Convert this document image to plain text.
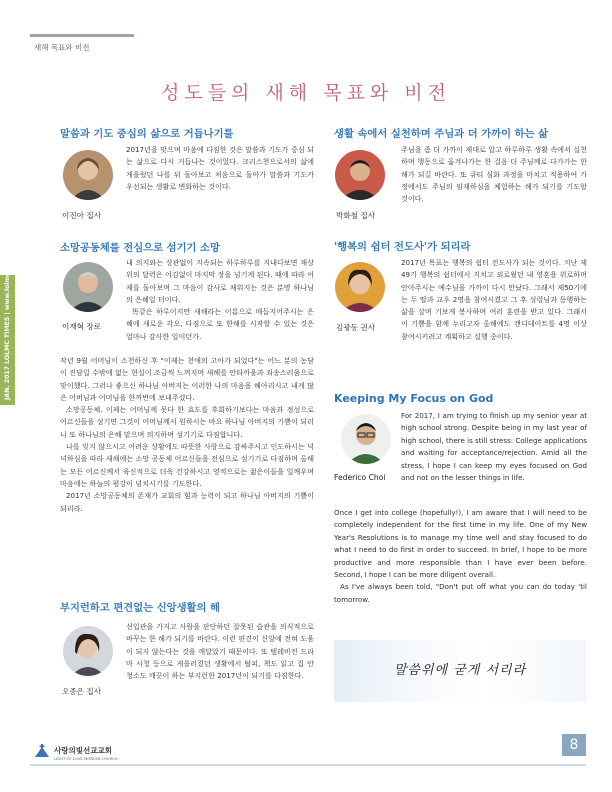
새해 목표와 비전
성도들의 새해 목표와 비전
JAN. 2017 LOLMC TIMES | www.lolmc.org
말씀과 기도 중심의 삶으로 거듭나기를
이진아 집사

2017년을 맞으며 마음에 다짐한 것은 말씀과 기도가 중심 되는 삶으로 다시 거듭나는 것이었다. 크리스천으로서의 삶에 게을렀던 나를 뒤 돌아보고 처음으로 돌아가 말씀과 기도가 우선되는 생활로 변화하는 것이다.

소망공동체를 전심으로 섬기기 소망
이재혁 장로

내 의지와는 상관없이 지속되는 하루하루를 지내다보면 재상 위의 달력은 어김없이 마지막 장을 넘기게 된다. 때에 따라 어제를 돌아보며 그 마음이 감사로 채워지는 것은 분명 하나님의 은혜일 터이다.

똑같은 하루이지만 새해라는 이름으로 매듭지어주시는 은혜에 새로운 각오, 다짐으로 또 한해를 시작할 수 있는 것은 얼마나 감사한 일이던가.

작년 9월 어머님이 소천하신 후 "이제는 천애의 고아가 되었다"는 어느 분의 농담이 진담일 수밖에 없는 현실이 조금씩 느껴지며 새해를 안타까움과 죄송스러움으로 맞이했다. 그러나 좋으신 하나님 아버지는 이러한 나의 마음을 헤아리시고 내게 많은 어버님과 어머님을 한꺼번에 보내주셨다.

소망공동체. 이제는 어머님께 못다 한 효도를 후회하기보다는 마음과 정성으로 어르신들을 섬기면 그것이 어머님께서 원하시는 바요 하나님 아버지의 기쁨이 되리니 또 하나님의 은혜 맡으며 의지하며 섬기기로 다짐합니다.

나를 잊지 않으시고 어려운 상황에도 따뜻한 사랑으로 감싸주시고 인도하시는 넉넉하심을 따라 새해에는 소망 공동체 어르신들을 전심으로 섬기기로 다짐하며 올해는 모든 어르신께서 육신적으로 더욱 건강하시고 영적으로는 젊은이들을 일깨우며 마음에는 하늘의 평강이 넘치시기를 기도한다.

2017년 소망공동체의 존재가 교회의 힘과 능력이 되고 하나님 아버지의 기쁨이 되리라.

부지런하고 편견없는 신앙생활의 해
오종은 집사

선입관을 가지고 사람을 판단하던 잘못된 습관을 의식적으로 바꾸는 한 해가 되기를 바란다. 이런 편견이 신앙에 전혀 도움이 되지 않는다는 것을 깨달았기 때문이다. 또 텔레비전 드라마 시청 등으로 게을러졌던 생활에서 탈피, 책도 읽고 집 안 청소도 깨끗이 하는 부지런한 2017년이 되기를 다짐한다.

생활 속에서 실천하며 주님과 더 가까이 하는 삶
박화철 집사

주님을 좀 더 가까이 제대로 알고 하루하루 생활 속에서 실천하며 행동으로 옮겨나가는 한 걸음 더 주님께로 다가가는 한 해가 되길 바란다. 또 큐티 심화 과정을 마치고 적용하여 가정에서도 주님의 임재하심을 체험하는 해가 되기를 기도할 것이다.

'행복의 쉼터 전도사'가 되리라
김광동 권사

2017년 목표는 행복의 쉼터 전도사가 되는 것이다. 지난 제49기 행복의 쉼터에서 지치고 외로웠던 내 영혼을 위로하며 안아주시는 예수님을 가까이 다시 만났다. 그래서 제50기에는 두 딸과 교우 2명을 참여시켰고 그 후 성령님과 동행하는 삶을 살며 기보게 봉사하며 여러 훈련을 받고 있다. 그래서 이 기쁨을 함께 누리고자 올해에도 캔디데이트를 4명 이상 참여시키려고 계획하고 실행 중이다.

Keeping My Focus on God
Federico Choi

For 2017, I am trying to finish up my senior year at high school strong. Despite being in my last year of high school, there is still stress: College applications and waiting for acceptance/rejection. Amid all the stress, I hope I can keep my eyes focused on God and not on the lesser things in life.

Once I get into college (hopefully!), I am aware that I will need to be completely independent for the first time in my life. One of my New Year's Resolutions is to manage my time well and stay focused to do what I need to do first in order to succeed. In brief, I hope to be more productive and more responsible than I have ever been before. Second, I hope I can be more diligent overall.

As I've always been told, "Don't put off what you can do today 'til tomorrow.

말씀위에 굳게 서리라
사랑의빛선교교회
LIGHT OF LOVE MISSION CHURCH
8
